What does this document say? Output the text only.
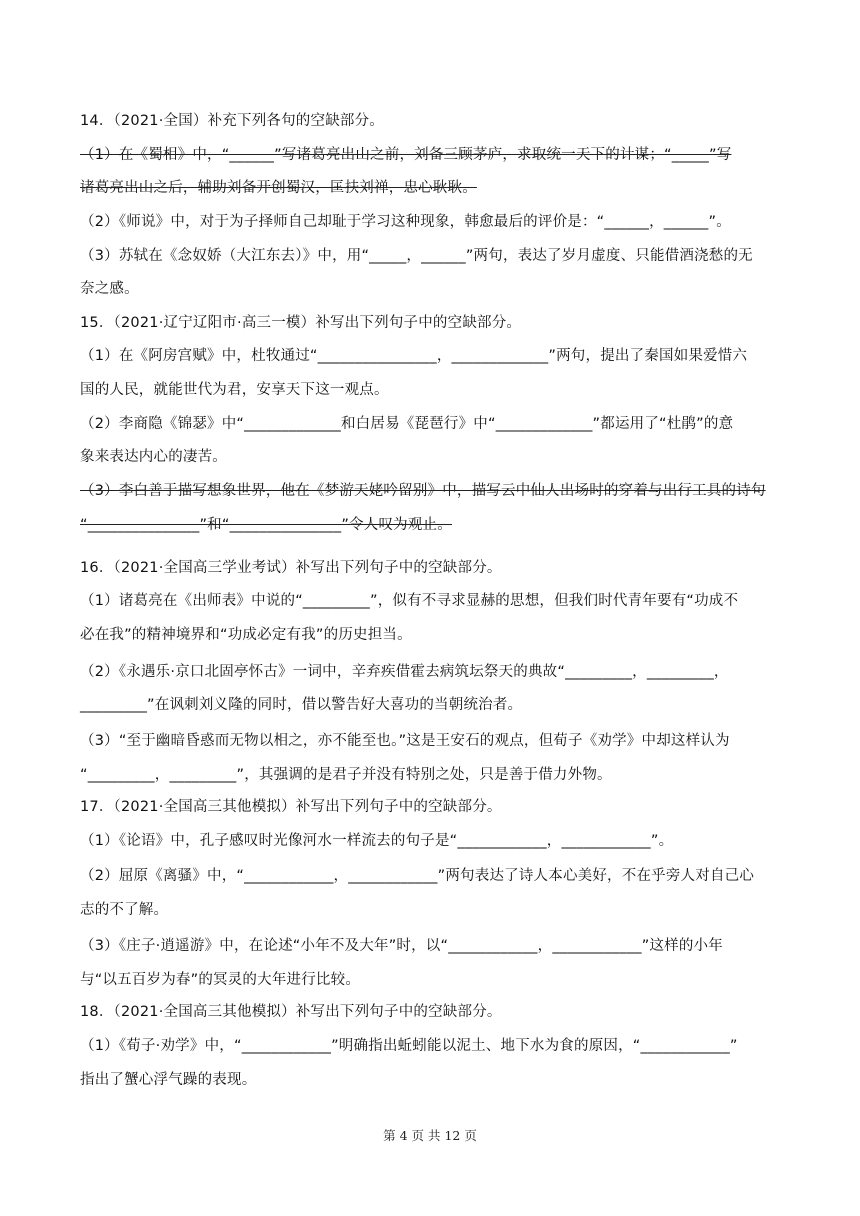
14．（2021·全国）补充下列各句的空缺部分。
（1）在《蜀相》中，“______”写诸葛亮出山之前，刘备三顾茅庐，求取统一天下的计谋；“_____”写
诸葛亮出山之后，辅助刘备开创蜀汉，匡扶刘禅，忠心耿耿。
（2）《师说》中，对于为子择师自己却耻于学习这种现象，韩愈最后的评价是：“______，______”。
（3）苏轼在《念奴娇（大江东去）》中，用“_____，______”两句，表达了岁月虚度、只能借酒浇愁的无
奈之感。
15．（2021·辽宁辽阳市·高三一模）补写出下列句子中的空缺部分。
（1）在《阿房宫赋》中，杜牧通过“________________，_____________”两句，提出了秦国如果爱惜六
国的人民，就能世代为君，安享天下这一观点。
（2）李商隐《锦瑟》中“_____________和白居易《琵琶行》中“_____________”都运用了“杜鹃”的意
象来表达内心的凄苦。
（3）李白善于描写想象世界，他在《梦游天姥吟留别》中，描写云中仙人出场时的穿着与出行工具的诗句
“_______________”和“_______________”令人叹为观止。
16．（2021·全国高三学业考试）补写出下列句子中的空缺部分。
（1）诸葛亮在《出师表》中说的“_________”，似有不寻求显赫的思想，但我们时代青年要有“功成不
必在我”的精神境界和“功成必定有我”的历史担当。
（2）《永遇乐·京口北固亭怀古》一词中，辛弃疾借霍去病筑坛祭天的典故“_________，_________，
_________”在讽刺刘义隆的同时，借以警告好大喜功的当朝统治者。
（3）“至于幽暗昏惑而无物以相之，亦不能至也。”这是王安石的观点，但荀子《劝学》中却这样认为
“_________，_________”，其强调的是君子并没有特别之处，只是善于借力外物。
17．（2021·全国高三其他模拟）补写出下列句子中的空缺部分。
（1）《论语》中，孔子感叹时光像河水一样流去的句子是“____________，____________”。
（2）屈原《离骚》中，“____________，____________”两句表达了诗人本心美好，不在乎旁人对自己心
志的不了解。
（3）《庄子·逍遥游》中，在论述“小年不及大年”时，以“____________，____________”这样的小年
与“以五百岁为春”的冥灵的大年进行比较。
18．（2021·全国高三其他模拟）补写出下列句子中的空缺部分。
（1）《荀子·劝学》中，“____________”明确指出蚯蚓能以泥土、地下水为食的原因，“____________”
指出了蟹心浮气躁的表现。
第 4 页 共 12 页
